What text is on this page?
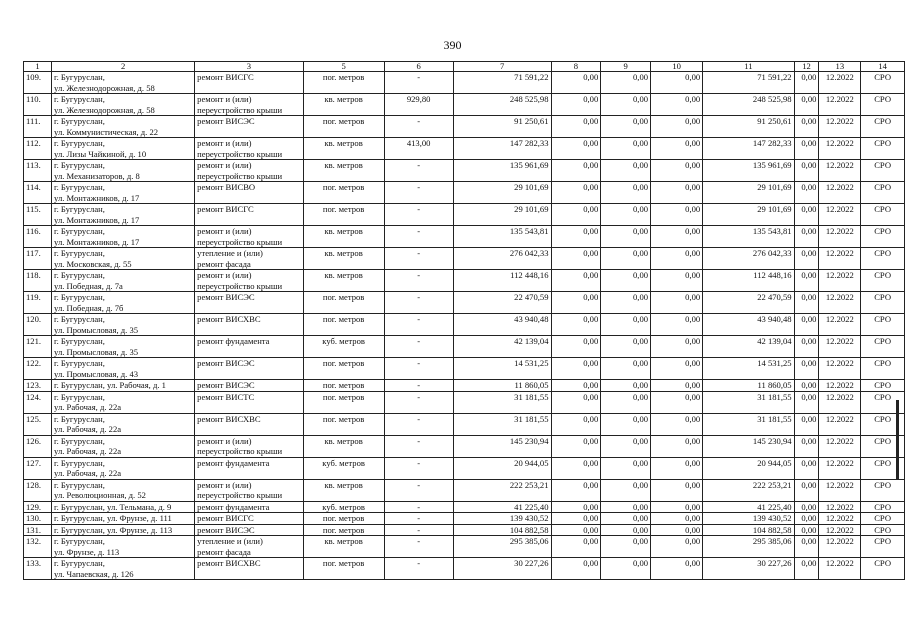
390
1	2	3	5	6	7	8	9	10	11	12	13	14
109.	г. Бугуруслан,
ул. Железнодорожная, д. 58	ремонт ВИСГС	пог. метров	-	71 591,22	0,00	0,00	0,00	71 591,22	0,00	12.2022	СРО
110.	г. Бугуруслан,
ул. Железнодорожная, д. 58	ремонт и (или)
переустройство крыши	кв. метров	929,80	248 525,98	0,00	0,00	0,00	248 525,98	0,00	12.2022	СРО
111.	г. Бугуруслан,
ул. Коммунистическая, д. 22	ремонт ВИСЭС	пог. метров	-	91 250,61	0,00	0,00	0,00	91 250,61	0,00	12.2022	СРО
112.	г. Бугуруслан,
ул. Лизы Чайкиной, д. 10	ремонт и (или)
переустройство крыши	кв. метров	413,00	147 282,33	0,00	0,00	0,00	147 282,33	0,00	12.2022	СРО
113.	г. Бугуруслан,
ул. Механизаторов, д. 8	ремонт и (или)
переустройство крыши	кв. метров	-	135 961,69	0,00	0,00	0,00	135 961,69	0,00	12.2022	СРО
114.	г. Бугуруслан,
ул. Монтажников, д. 17	ремонт ВИСВО	пог. метров	-	29 101,69	0,00	0,00	0,00	29 101,69	0,00	12.2022	СРО
115.	г. Бугуруслан,
ул. Монтажников, д. 17	ремонт ВИСГС	пог. метров	-	29 101,69	0,00	0,00	0,00	29 101,69	0,00	12.2022	СРО
116.	г. Бугуруслан,
ул. Монтажников, д. 17	ремонт и (или)
переустройство крыши	кв. метров	-	135 543,81	0,00	0,00	0,00	135 543,81	0,00	12.2022	СРО
117.	г. Бугуруслан,
ул. Московская, д. 55	утепление и (или)
ремонт фасада	кв. метров	-	276 042,33	0,00	0,00	0,00	276 042,33	0,00	12.2022	СРО
118.	г. Бугуруслан,
ул. Победная, д. 7а	ремонт и (или)
переустройство крыши	кв. метров	-	112 448,16	0,00	0,00	0,00	112 448,16	0,00	12.2022	СРО
119.	г. Бугуруслан,
ул. Победная, д. 7б	ремонт ВИСЭС	пог. метров	-	22 470,59	0,00	0,00	0,00	22 470,59	0,00	12.2022	СРО
120.	г. Бугуруслан,
ул. Промысловая, д. 35	ремонт ВИСХВС	пог. метров	-	43 940,48	0,00	0,00	0,00	43 940,48	0,00	12.2022	СРО
121.	г. Бугуруслан,
ул. Промысловая, д. 35	ремонт фундамента	куб. метров	-	42 139,04	0,00	0,00	0,00	42 139,04	0,00	12.2022	СРО
122.	г. Бугуруслан,
ул. Промысловая, д. 43	ремонт ВИСЭС	пог. метров	-	14 531,25	0,00	0,00	0,00	14 531,25	0,00	12.2022	СРО
123.	г. Бугуруслан, ул. Рабочая, д. 1	ремонт ВИСЭС	пог. метров	-	11 860,05	0,00	0,00	0,00	11 860,05	0,00	12.2022	СРО
124.	г. Бугуруслан,
ул. Рабочая, д. 22а	ремонт ВИСТС	пог. метров	-	31 181,55	0,00	0,00	0,00	31 181,55	0,00	12.2022	СРО
125.	г. Бугуруслан,
ул. Рабочая, д. 22а	ремонт ВИСХВС	пог. метров	-	31 181,55	0,00	0,00	0,00	31 181,55	0,00	12.2022	СРО
126.	г. Бугуруслан,
ул. Рабочая, д. 22а	ремонт и (или)
переустройство крыши	кв. метров	-	145 230,94	0,00	0,00	0,00	145 230,94	0,00	12.2022	СРО
127.	г. Бугуруслан,
ул. Рабочая, д. 22а	ремонт фундамента	куб. метров	-	20 944,05	0,00	0,00	0,00	20 944,05	0,00	12.2022	СРО
128.	г. Бугуруслан,
ул. Революционная, д. 52	ремонт и (или)
переустройство крыши	кв. метров	-	222 253,21	0,00	0,00	0,00	222 253,21	0,00	12.2022	СРО
129.	г. Бугуруслан, ул. Тельмана, д. 9	ремонт фундамента	куб. метров	-	41 225,40	0,00	0,00	0,00	41 225,40	0,00	12.2022	СРО
130.	г. Бугуруслан, ул. Фрунзе, д. 111	ремонт ВИСГС	пог. метров	-	139 430,52	0,00	0,00	0,00	139 430,52	0,00	12.2022	СРО
131.	г. Бугуруслан, ул. Фрунзе, д. 113	ремонт ВИСЭС	пог. метров	-	104 882,58	0,00	0,00	0,00	104 882,58	0,00	12.2022	СРО
132.	г. Бугуруслан,
ул. Фрунзе, д. 113	утепление и (или)
ремонт фасада	кв. метров	-	295 385,06	0,00	0,00	0,00	295 385,06	0,00	12.2022	СРО
133.	г. Бугуруслан,
ул. Чапаевская, д. 126	ремонт ВИСХВС	пог. метров	-	30 227,26	0,00	0,00	0,00	30 227,26	0,00	12.2022	СРО
